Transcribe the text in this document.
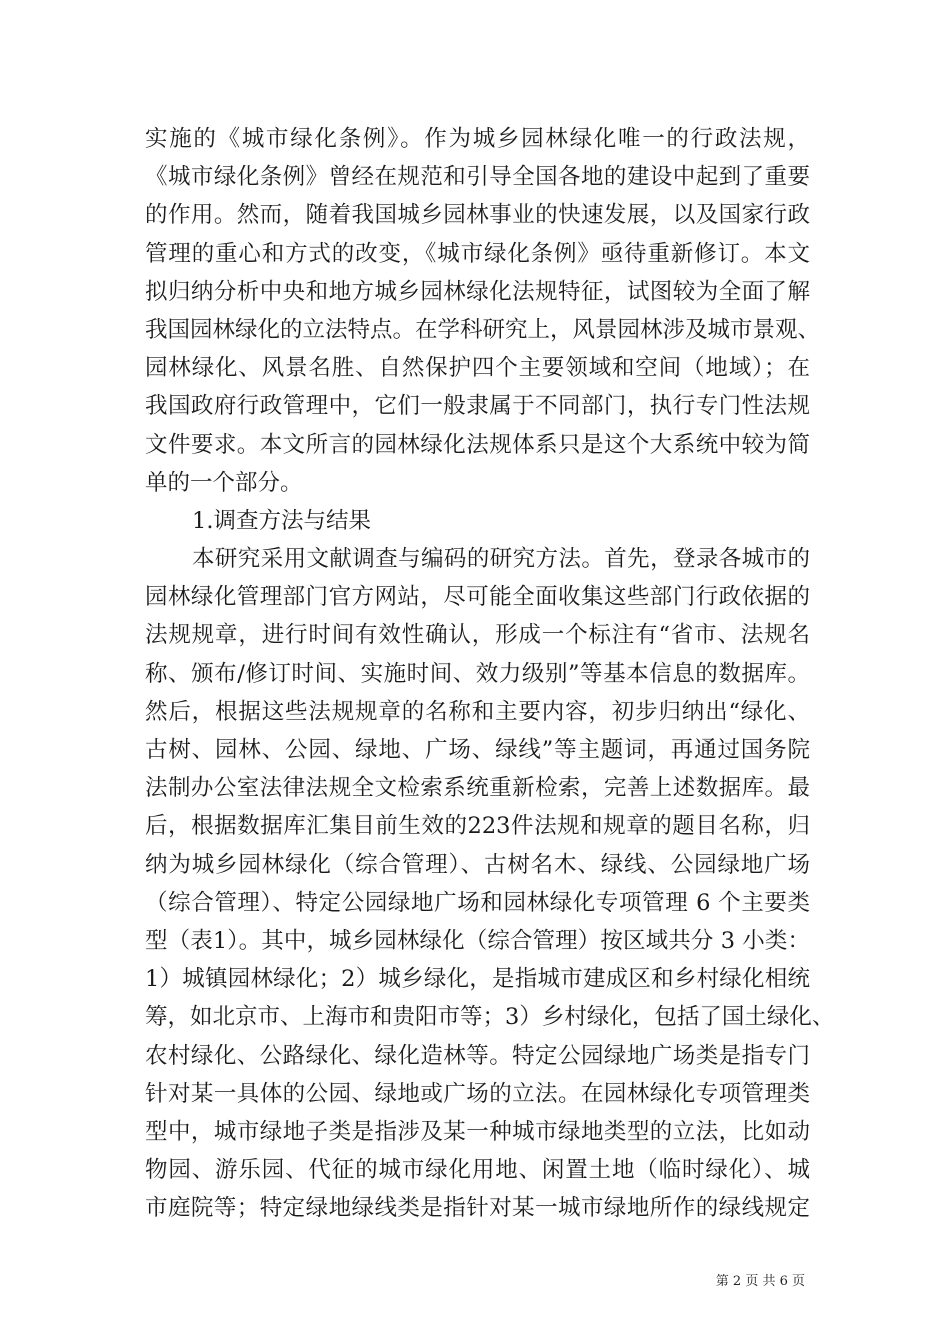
实施的《城市绿化条例》。作为城乡园林绿化唯一的行政法规，
《城市绿化条例》曾经在规范和引导全国各地的建设中起到了重要
的作用。然而，随着我国城乡园林事业的快速发展，以及国家行政
管理的重心和方式的改变，《城市绿化条例》亟待重新修订。本文
拟归纳分析中央和地方城乡园林绿化法规特征，试图较为全面了解
我国园林绿化的立法特点。在学科研究上，风景园林涉及城市景观、
园林绿化、风景名胜、自然保护四个主要领域和空间（地域）；在
我国政府行政管理中，它们一般隶属于不同部门，执行专门性法规
文件要求。本文所言的园林绿化法规体系只是这个大系统中较为简
单的一个部分。
1.调查方法与结果
本研究采用文献调查与编码的研究方法。首先，登录各城市的
园林绿化管理部门官方网站，尽可能全面收集这些部门行政依据的
法规规章，进行时间有效性确认，形成一个标注有“省市、法规名
称、颁布/修订时间、实施时间、效力级别”等基本信息的数据库。
然后，根据这些法规规章的名称和主要内容，初步归纳出“绿化、
古树、园林、公园、绿地、广场、绿线”等主题词，再通过国务院
法制办公室法律法规全文检索系统重新检索，完善上述数据库。最
后，根据数据库汇集目前生效的223件法规和规章的题目名称，归
纳为城乡园林绿化（综合管理）、古树名木、绿线、公园绿地广场
（综合管理）、特定公园绿地广场和园林绿化专项管理 6 个主要类
型（表1）。其中，城乡园林绿化（综合管理）按区域共分 3 小类：
1）城镇园林绿化；2）城乡绿化，是指城市建成区和乡村绿化相统
筹，如北京市、上海市和贵阳市等；3）乡村绿化，包括了国土绿化、
农村绿化、公路绿化、绿化造林等。特定公园绿地广场类是指专门
针对某一具体的公园、绿地或广场的立法。在园林绿化专项管理类
型中，城市绿地子类是指涉及某一种城市绿地类型的立法，比如动
物园、游乐园、代征的城市绿化用地、闲置土地（临时绿化）、城
市庭院等；特定绿地绿线类是指针对某一城市绿地所作的绿线规定
第 2 页 共 6 页
